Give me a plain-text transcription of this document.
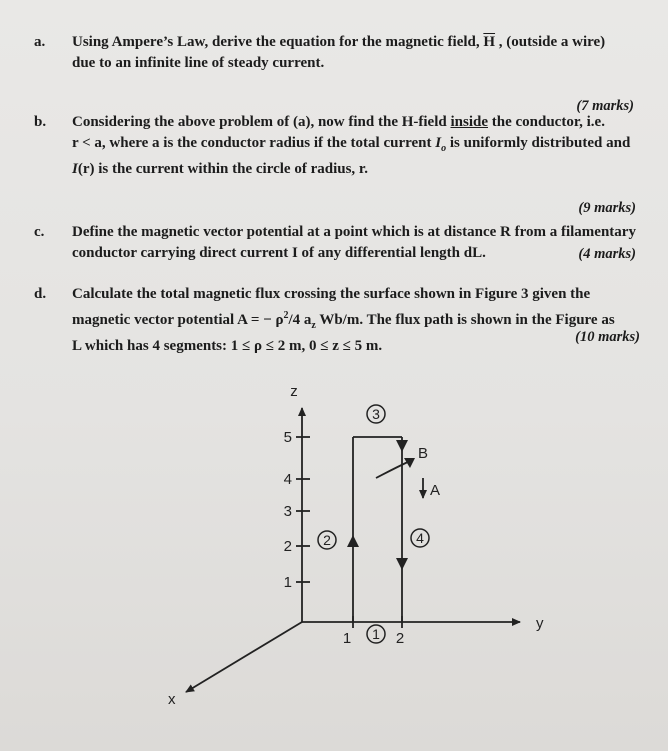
a. Using Ampere’s Law, derive the equation for the magnetic field, $\overline{H}$ , (outside a wire)
due to an infinite line of steady current.
(7 marks)
b. Considering the above problem of (a), now find the H-field inside the conductor, i.e.
r < a, where a is the conductor radius if the total current $I_o$ is uniformly distributed and
I(r) is the current within the circle of radius, r.
(9 marks)
c. Define the magnetic vector potential at a point which is at distance R from a filamentary
conductor carrying direct current I of any differential length dL.	(4 marks)
d. Calculate the total magnetic flux crossing the surface shown in Figure 3 given the
magnetic vector potential A = − $\rho^2/4$ $a_z$ Wb/m. The flux path is shown in the Figure as
L which has 4 segments: 1 ≤ ρ ≤ 2 m, 0 ≤ z ≤ 5 m.
(10 marks)
3
2	4
1
z
y
x
5
4
3
2
1
1	2
B
A
